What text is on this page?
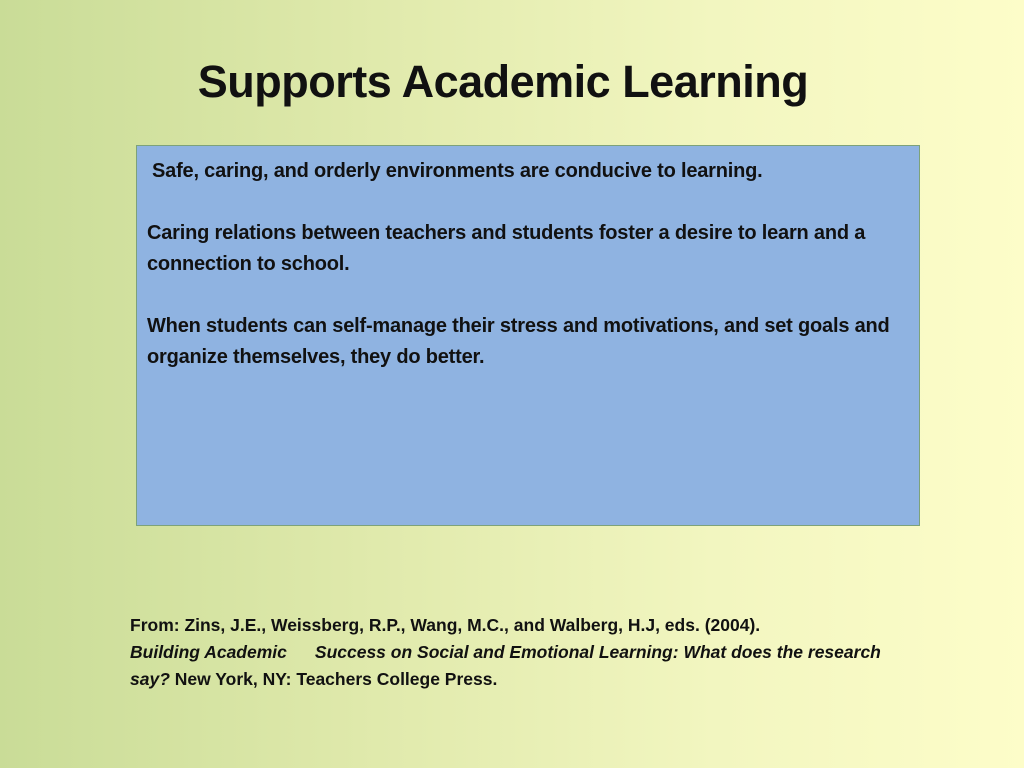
Supports Academic Learning

Safe, caring, and orderly environments are conducive to learning.

Caring relations between teachers and students foster a desire to learn and a connection to school.

When students can self-manage their stress and motivations, and set goals and organize themselves, they do better.

From: Zins, J.E., Weissberg, R.P., Wang, M.C., and Walberg, H.J, eds. (2004).
Building Academic Success on Social and Emotional Learning: What does the research say? New York, NY: Teachers College Press.
